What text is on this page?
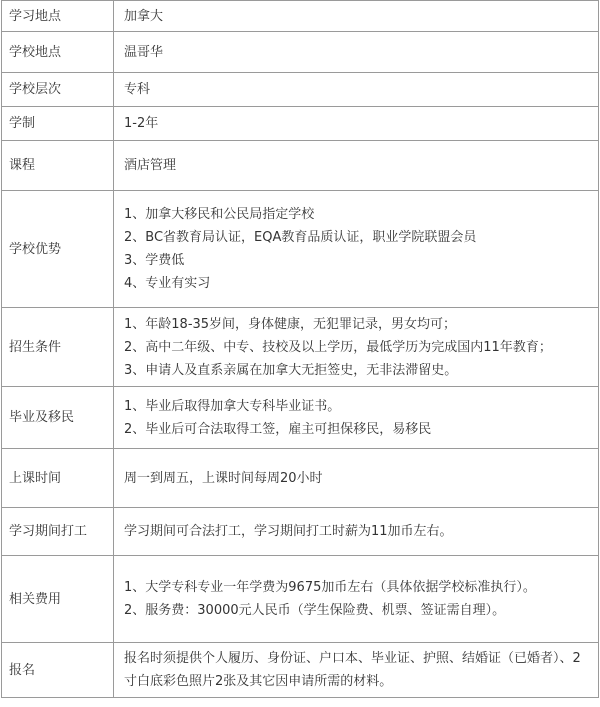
学习地点	加拿大

学校地点	温哥华

学校层次	专科

学制	1-2年

课程	酒店管理

学校优势	1、加拿大移民和公民局指定学校
2、BC省教育局认证，EQA教育品质认证，职业学院联盟会员
3、学费低
4、专业有实习

招生条件	1、年龄18-35岁间，身体健康，无犯罪记录，男女均可；
2、高中二年级、中专、技校及以上学历，最低学历为完成国内11年教育；
3、申请人及直系亲属在加拿大无拒签史，无非法滞留史。

毕业及移民	1、毕业后取得加拿大专科毕业证书。
2、毕业后可合法取得工签，雇主可担保移民，易移民

上课时间	周一到周五，上课时间每周20小时

学习期间打工	学习期间可合法打工，学习期间打工时薪为11加币左右。

相关费用	1、大学专科专业一年学费为9675加币左右（具体依据学校标准执行）。
2、服务费：30000元人民币（学生保险费、机票、签证需自理）。

报名	报名时须提供个人履历、身份证、户口本、毕业证、护照、结婚证（已婚者）、2寸白底彩色照片2张及其它因申请所需的材料。
